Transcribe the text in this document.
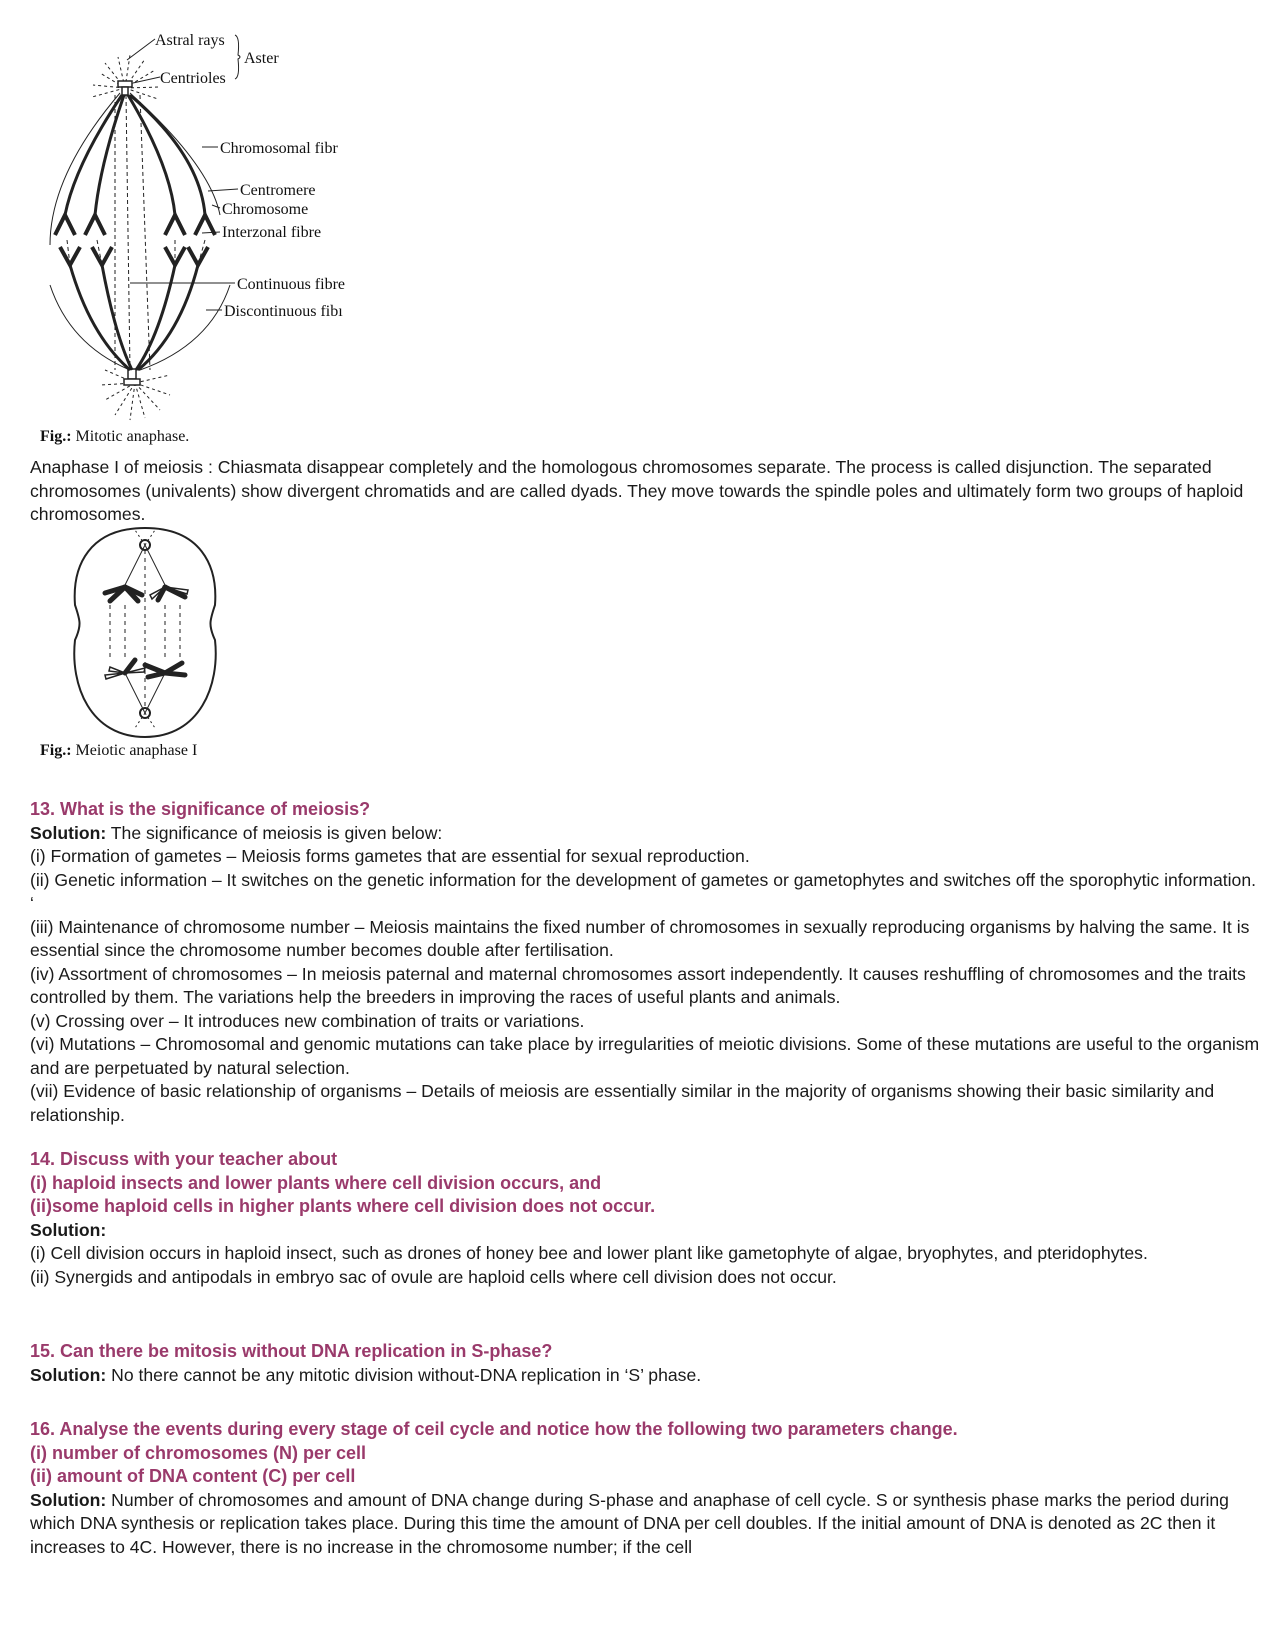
Astral rays
Aster
Centrioles
Chromosomal fibr
Centromere
Chromosome
Interzonal fibre
Continuous fibre
Discontinuous fibı
Fig.: Mitotic anaphase.
Anaphase I of meiosis : Chiasmata disappear completely and the homologous chromosomes separate. The process is called disjunction. The separated chromosomes (univalents) show divergent chromatids and are called dyads. They move towards the spindle poles and ultimately form two groups of haploid chromosomes.
Fig.: Meiotic anaphase I
13. What is the significance of meiosis?
Solution: The significance of meiosis is given below:
(i) Formation of gametes – Meiosis forms gametes that are essential for sexual reproduction.
(ii) Genetic information – It switches on the genetic information for the development of gametes or gametophytes and switches off the sporophytic information. ‘
(iii) Maintenance of chromosome number – Meiosis maintains the fixed number of chromosomes in sexually reproducing organisms by halving the same. It is essential since the chromosome number becomes double after fertilisation.
(iv) Assortment of chromosomes – In meiosis paternal and maternal chromosomes assort independently. It causes reshuffling of chromosomes and the traits controlled by them. The variations help the breeders in improving the races of useful plants and animals.
(v) Crossing over – It introduces new combination of traits or variations.
(vi) Mutations – Chromosomal and genomic mutations can take place by irregularities of meiotic divisions. Some of these mutations are useful to the organism and are perpetuated by natural selection.
(vii) Evidence of basic relationship of organisms – Details of meiosis are essentially similar in the majority of organisms showing their basic similarity and relationship.
14. Discuss with your teacher about
(i) haploid insects and lower plants where cell division occurs, and
(ii)some haploid cells in higher plants where cell division does not occur.
Solution:
(i) Cell division occurs in haploid insect, such as drones of honey bee and lower plant like gametophyte of algae, bryophytes, and pteridophytes.
(ii) Synergids and antipodals in embryo sac of ovule are haploid cells where cell division does not occur.
15. Can there be mitosis without DNA replication in S-phase?
Solution: No there cannot be any mitotic division without-DNA replication in ‘S’ phase.
16. Analyse the events during every stage of ceil cycle and notice how the following two parameters change.
(i) number of chromosomes (N) per cell
(ii) amount of DNA content (C) per cell
Solution: Number of chromosomes and amount of DNA change during S-phase and anaphase of cell cycle. S or synthesis phase marks the period during which DNA synthesis or replication takes place. During this time the amount of DNA per cell doubles. If the initial amount of DNA is denoted as 2C then it increases to 4C. However, there is no increase in the chromosome number; if the cell
